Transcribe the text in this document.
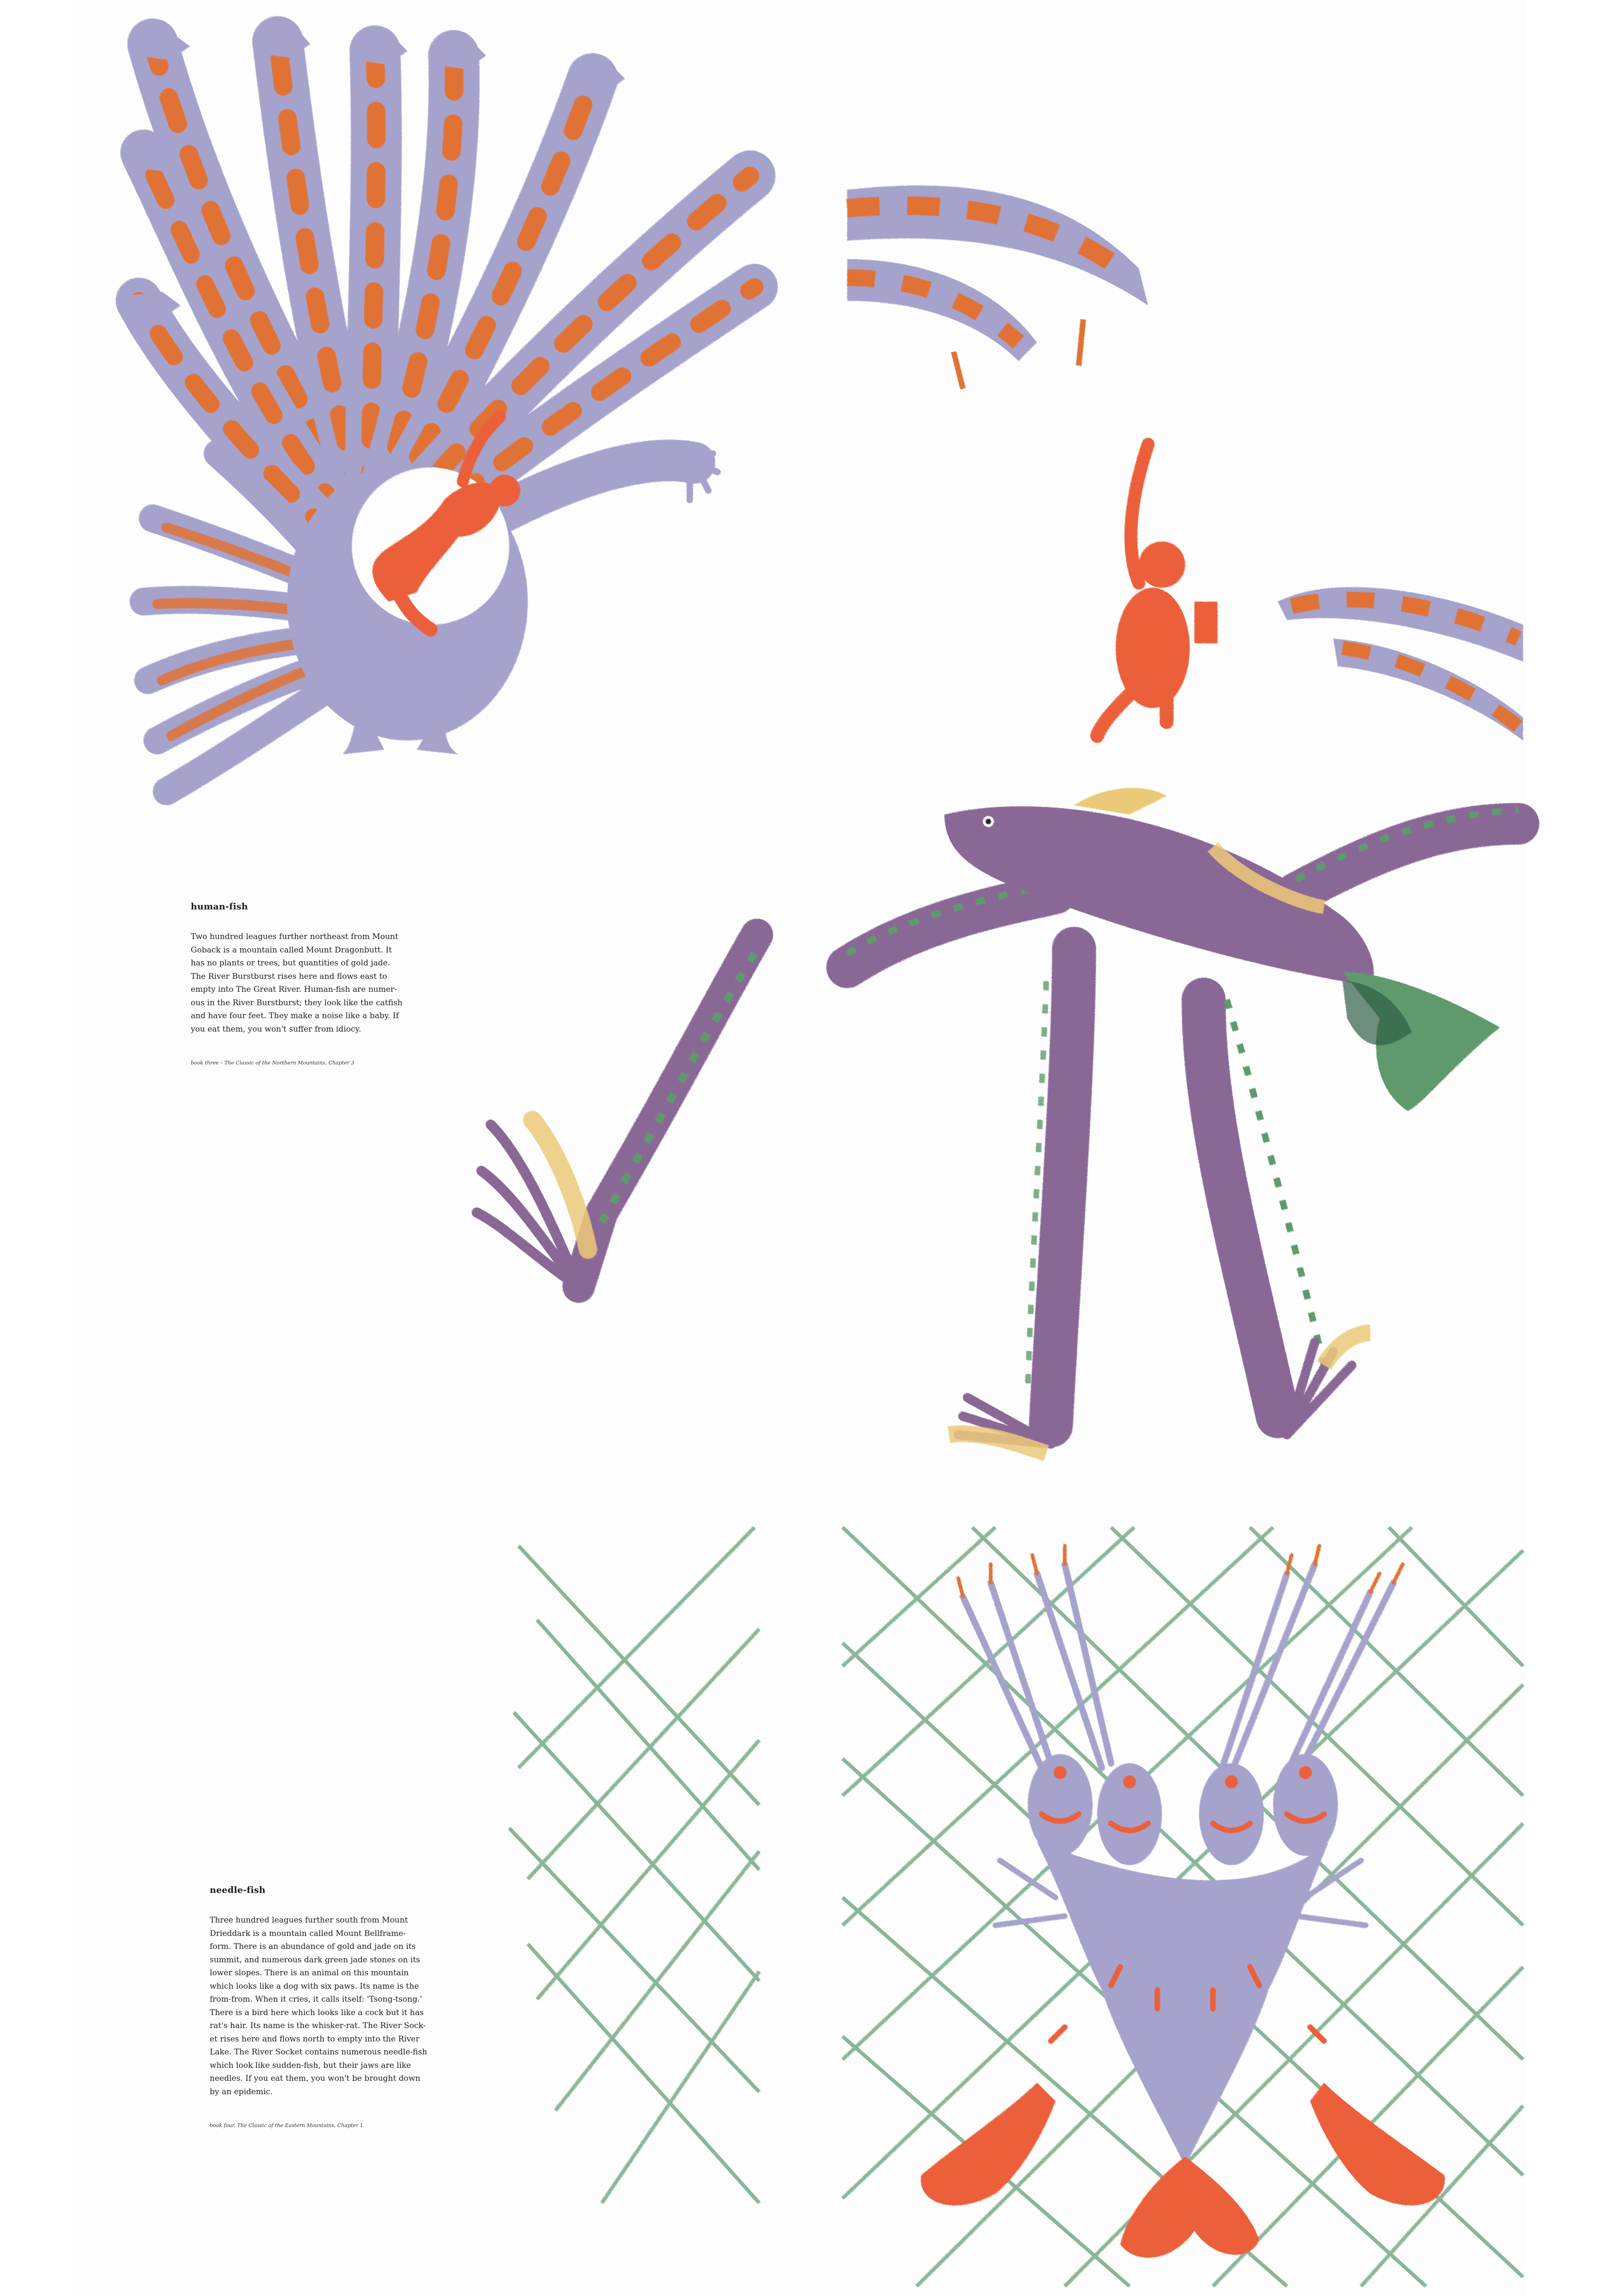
human-fish

Two hundred leagues further northeast from Mount
Goback is a mountain called Mount Dragonbutt. It
has no plants or trees, but quantities of gold jade.
The River Burstburst rises here and flows east to
empty into The Great River. Human-fish are numer-
ous in the River Burstburst; they look like the catfish
and have four feet. They make a noise like a baby. If
you eat them, you won't suffer from idiocy.

book three – The Classic of the Northern Mountains, Chapter 3

needle-fish

Three hundred leagues further south from Mount
Drieddark is a mountain called Mount Bellframe-
form. There is an abundance of gold and jade on its
summit, and numerous dark green jade stones on its
lower slopes. There is an animal on this mountain
which looks like a dog with six paws. Its name is the
from-from. When it cries, it calls itself: 'Tsong-tsong.'
There is a bird here which looks like a cock but it has
rat's hair. Its name is the whisker-rat. The River Sock-
et rises here and flows north to empty into the River
Lake. The River Socket contains numerous needle-fish
which look like sudden-fish, but their jaws are like
needles. If you eat them, you won't be brought down
by an epidemic.

book four, The Classic of the Eastern Mountains, Chapter 1
